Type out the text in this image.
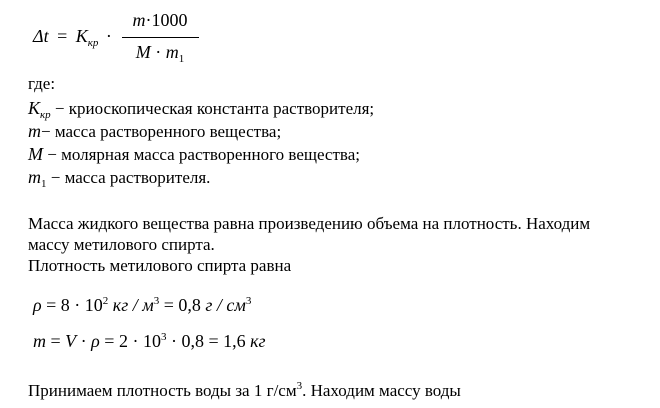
$\Delta t = K_{кр}$ ·
m·1000
$M \cdot m_1$
где:
$K_{кр}$ − криоскопическая константа растворителя;
m− масса растворенного вещества;
M − молярная масса растворенного вещества;
$m_1$ − масса растворителя.
Масса жидкого вещества равна произведению объема на плотность. Находим
массу метилового спирта.
Плотность метилового спирта равна
$\rho = 8 \cdot 10^2$ кг / $м^3 = 0,8$ г / $см^3$
$m = V \cdot \rho = 2 \cdot 10^3 \cdot 0,8 = 1,6$ кг
Принимаем плотность воды за 1 $г/см^3$. Находим массу воды
